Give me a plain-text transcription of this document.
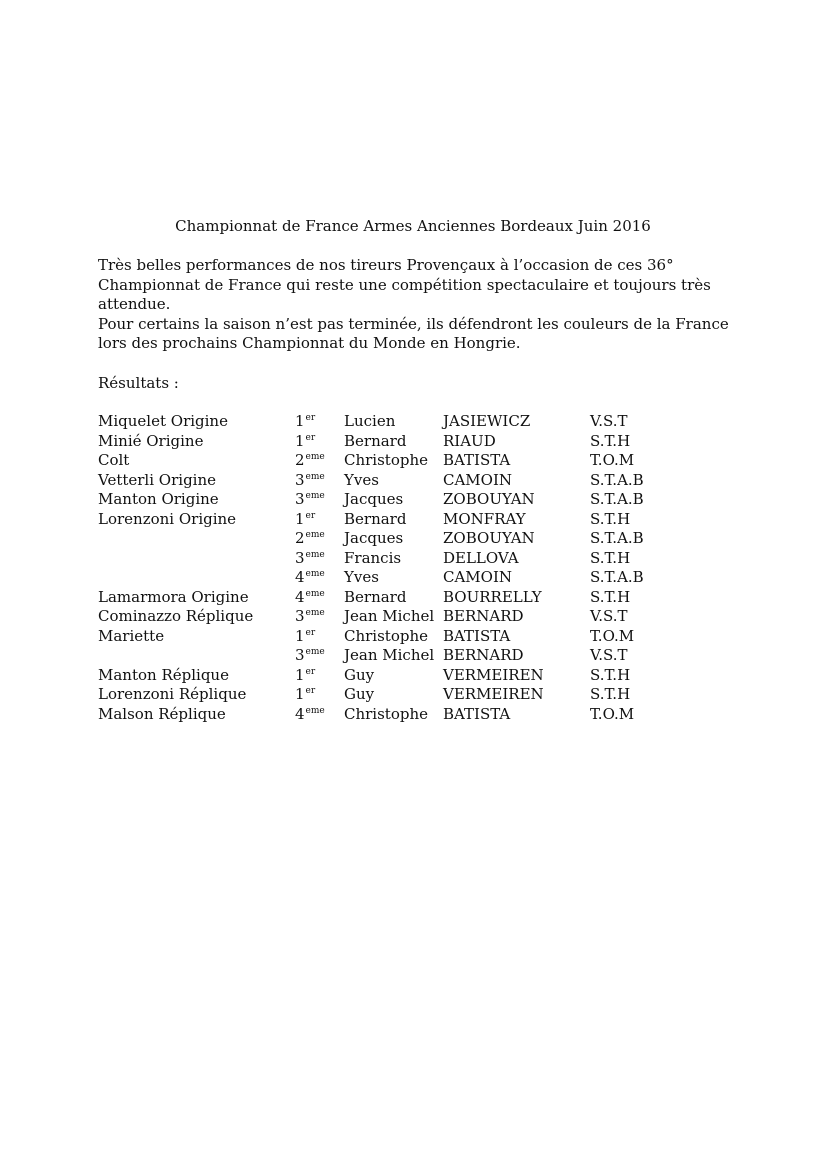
Championnat de France Armes Anciennes Bordeaux Juin 2016

Très belles performances de nos tireurs Provençaux à l’occasion de ces 36° Championnat de France qui reste une compétition spectaculaire et toujours très attendue.

Pour certains la saison n’est pas terminée, ils défendront les couleurs de la France lors des prochains Championnat du Monde en Hongrie.

Résultats :
Miquelet Origine	1er Lucien	JASIEWICZ	V.S.T
Minié Origine	1er Bernard RIAUD	S.T.H
Colt	2eme Christophe BATISTA	T.O.M
Vetterli Origine	3eme Yves	CAMOIN	S.T.A.B
Manton Origine	3eme Jacques	ZOBOUYAN	S.T.A.B
Lorenzoni Origine	1er Bernard MONFRAY	S.T.H
2eme Jacques	ZOBOUYAN	S.T.A.B
3eme Francis	DELLOVA	S.T.H
4eme Yves	CAMOIN	S.T.A.B
Lamarmora Origine	4eme Bernard BOURRELLY	S.T.H
Cominazzo Réplique	3eme Jean Michel BERNARD	V.S.T
Mariette	1er Christophe BATISTA	T.O.M
3eme Jean Michel BERNARD	V.S.T
Manton Réplique	1er Guy	VERMEIREN	S.T.H
Lorenzoni Réplique	1er Guy	VERMEIREN	S.T.H
Malson Réplique	4eme Christophe BATISTA	T.O.M
